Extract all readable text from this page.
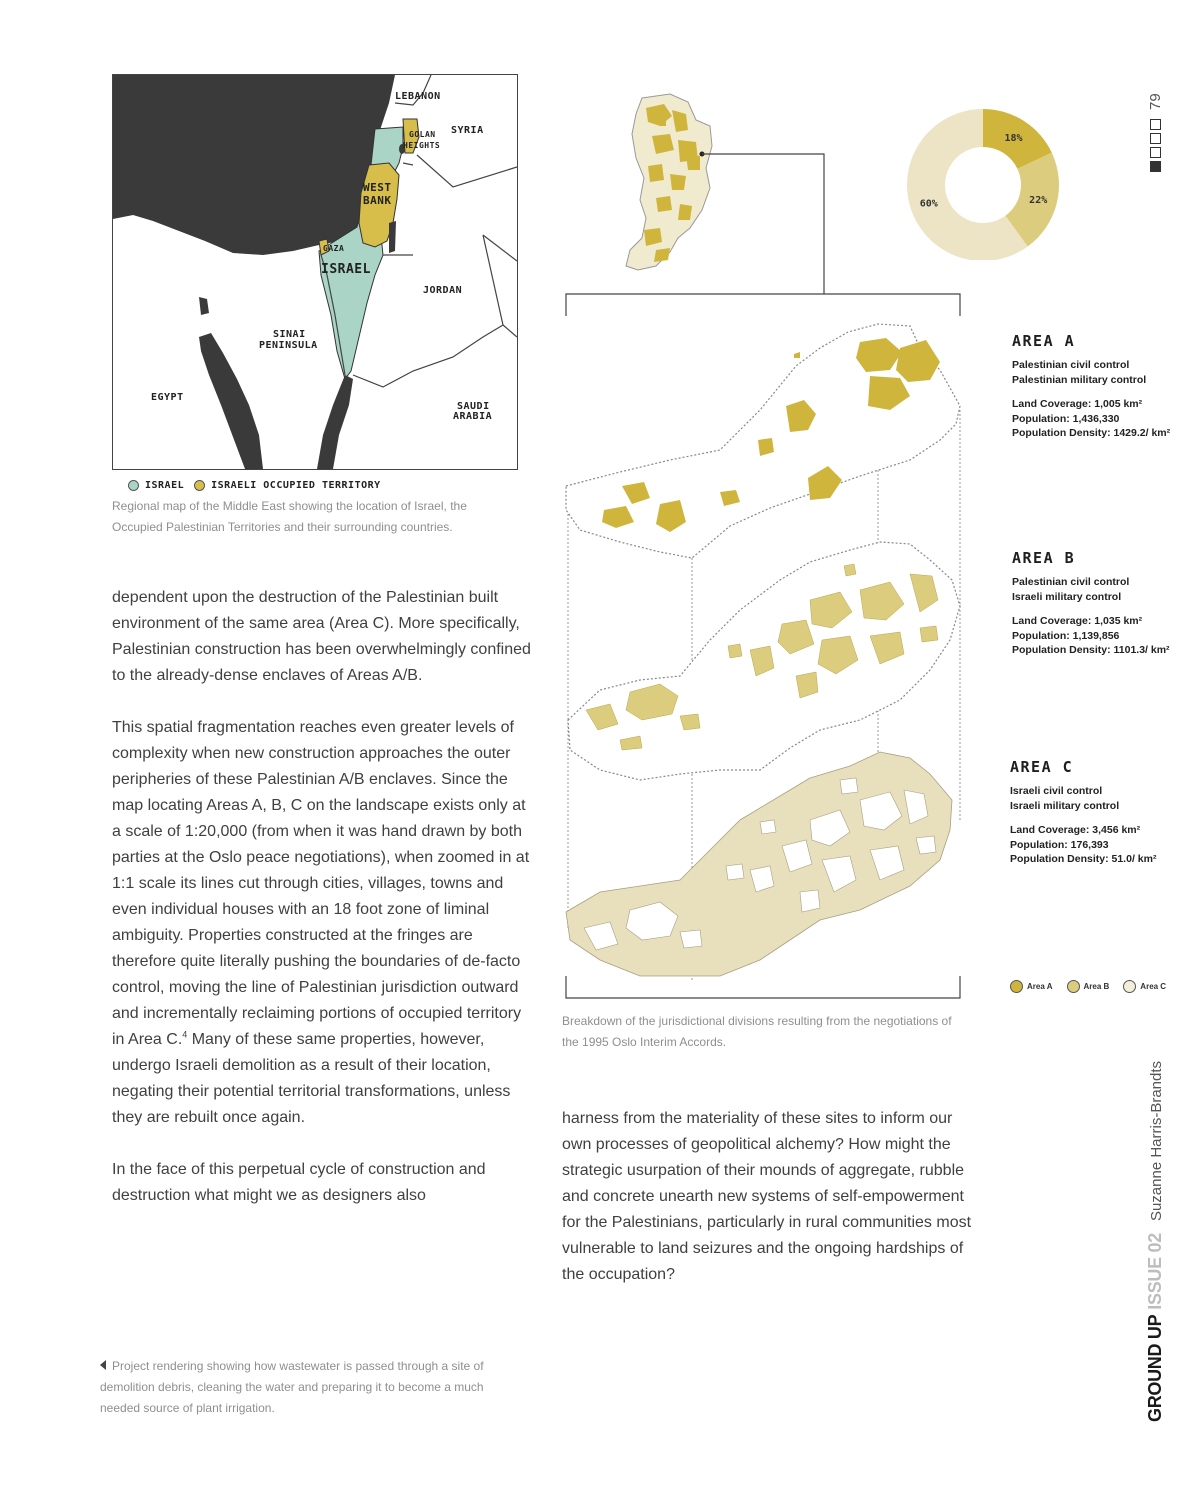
LEBANON
SYRIA
GOLAN
HEIGHTS
WEST
BANK
GAZA
ISRAEL
JORDAN
SINAI
PENINSULA
EGYPT
SAUDI
ARABIA
ISRAEL	ISRAELI OCCUPIED TERRITORY
Regional map of the Middle East showing the location of Israel, the Occupied Palestinian Territories and their surrounding countries.

dependent upon the destruction of the Palestinian built environment of the same area (Area C). More specifically, Palestinian construction has been overwhelmingly confined to the already-dense enclaves of Areas A/B.

This spatial fragmentation reaches even greater levels of complexity when new construction approaches the outer peripheries of these Palestinian A/B enclaves. Since the map locating Areas A, B, C on the landscape exists only at a scale of 1:20,000 (from when it was hand drawn by both parties at the Oslo peace negotiations), when zoomed in at 1:1 scale its lines cut through cities, villages, towns and even individual houses with an 18 foot zone of liminal ambiguity. Properties constructed at the fringes are therefore quite literally pushing the boundaries of de-facto control, moving the line of Palestinian jurisdiction outward and incrementally reclaiming portions of occupied territory in Area C.$^4$ Many of these same properties, however, undergo Israeli demolition as a result of their location, negating their potential territorial transformations, unless they are rebuilt once again.

In the face of this perpetual cycle of construction and destruction what might we as designers also

Project rendering showing how wastewater is passed through a site of demolition debris, cleaning the water and preparing it to become a much needed source of plant irrigation.
18%
22%
60%
AREA A
Palestinian civil control
Palestinian military control
Land Coverage: 1,005 km²
Population: 1,436,330
Population Density: 1429.2/ km²
AREA B
Palestinian civil control
Israeli military control
Land Coverage: 1,035 km²
Population: 1,139,856
Population Density: 1101.3/ km²
AREA C
Israeli civil control
Israeli military control
Land Coverage: 3,456 km²
Population: 176,393
Population Density: 51.0/ km²
Area A	Area B	Area C
Breakdown of the jurisdictional divisions resulting from the negotiations of the 1995 Oslo Interim Accords.

harness from the materiality of these sites to inform our own processes of geopolitical alchemy? How might the strategic usurpation of their mounds of aggregate, rubble and concrete unearth new systems of self-empowerment for the Palestinians, particularly in rural communities most vulnerable to land seizures and the ongoing hardships of the occupation?

GROUND UP
ISSUE 02
Suzanne Harris-Brandts
79
